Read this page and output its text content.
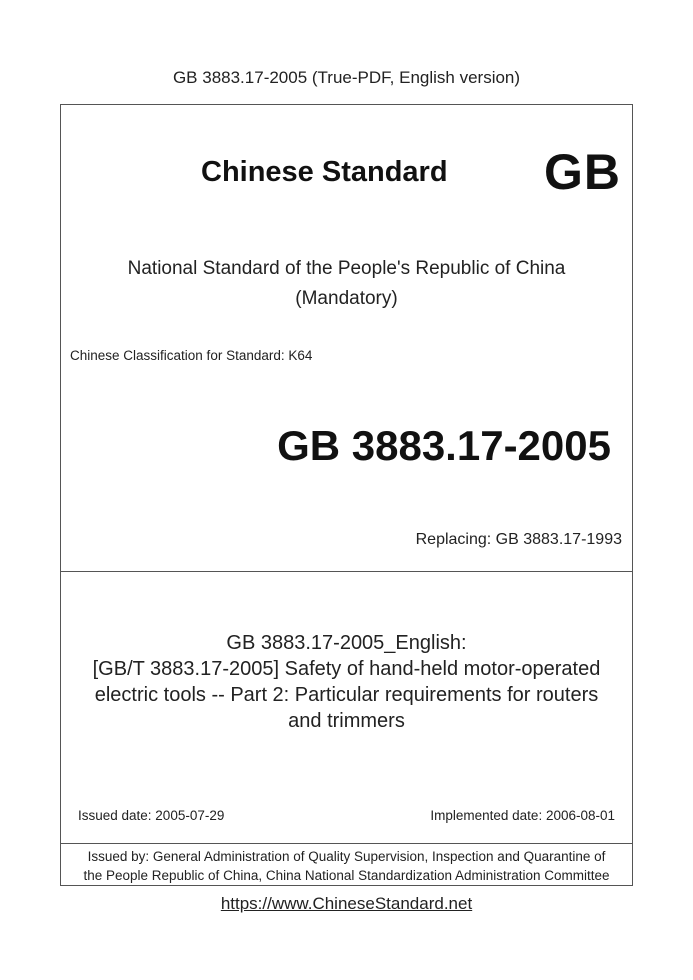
GB 3883.17-2005 (True-PDF, English version)
Chinese Standard GB
National Standard of the People's Republic of China
(Mandatory)
Chinese Classification for Standard: K64
GB 3883.17-2005
Replacing: GB 3883.17-1993
GB 3883.17-2005_English:
[GB/T 3883.17-2005] Safety of hand-held motor-operated
electric tools -- Part 2: Particular requirements for routers
and trimmers
Issued date: 2005-07-29	Implemented date: 2006-08-01
Issued by: General Administration of Quality Supervision, Inspection and Quarantine of
the People Republic of China, China National Standardization Administration Committee
https://www.ChineseStandard.net
